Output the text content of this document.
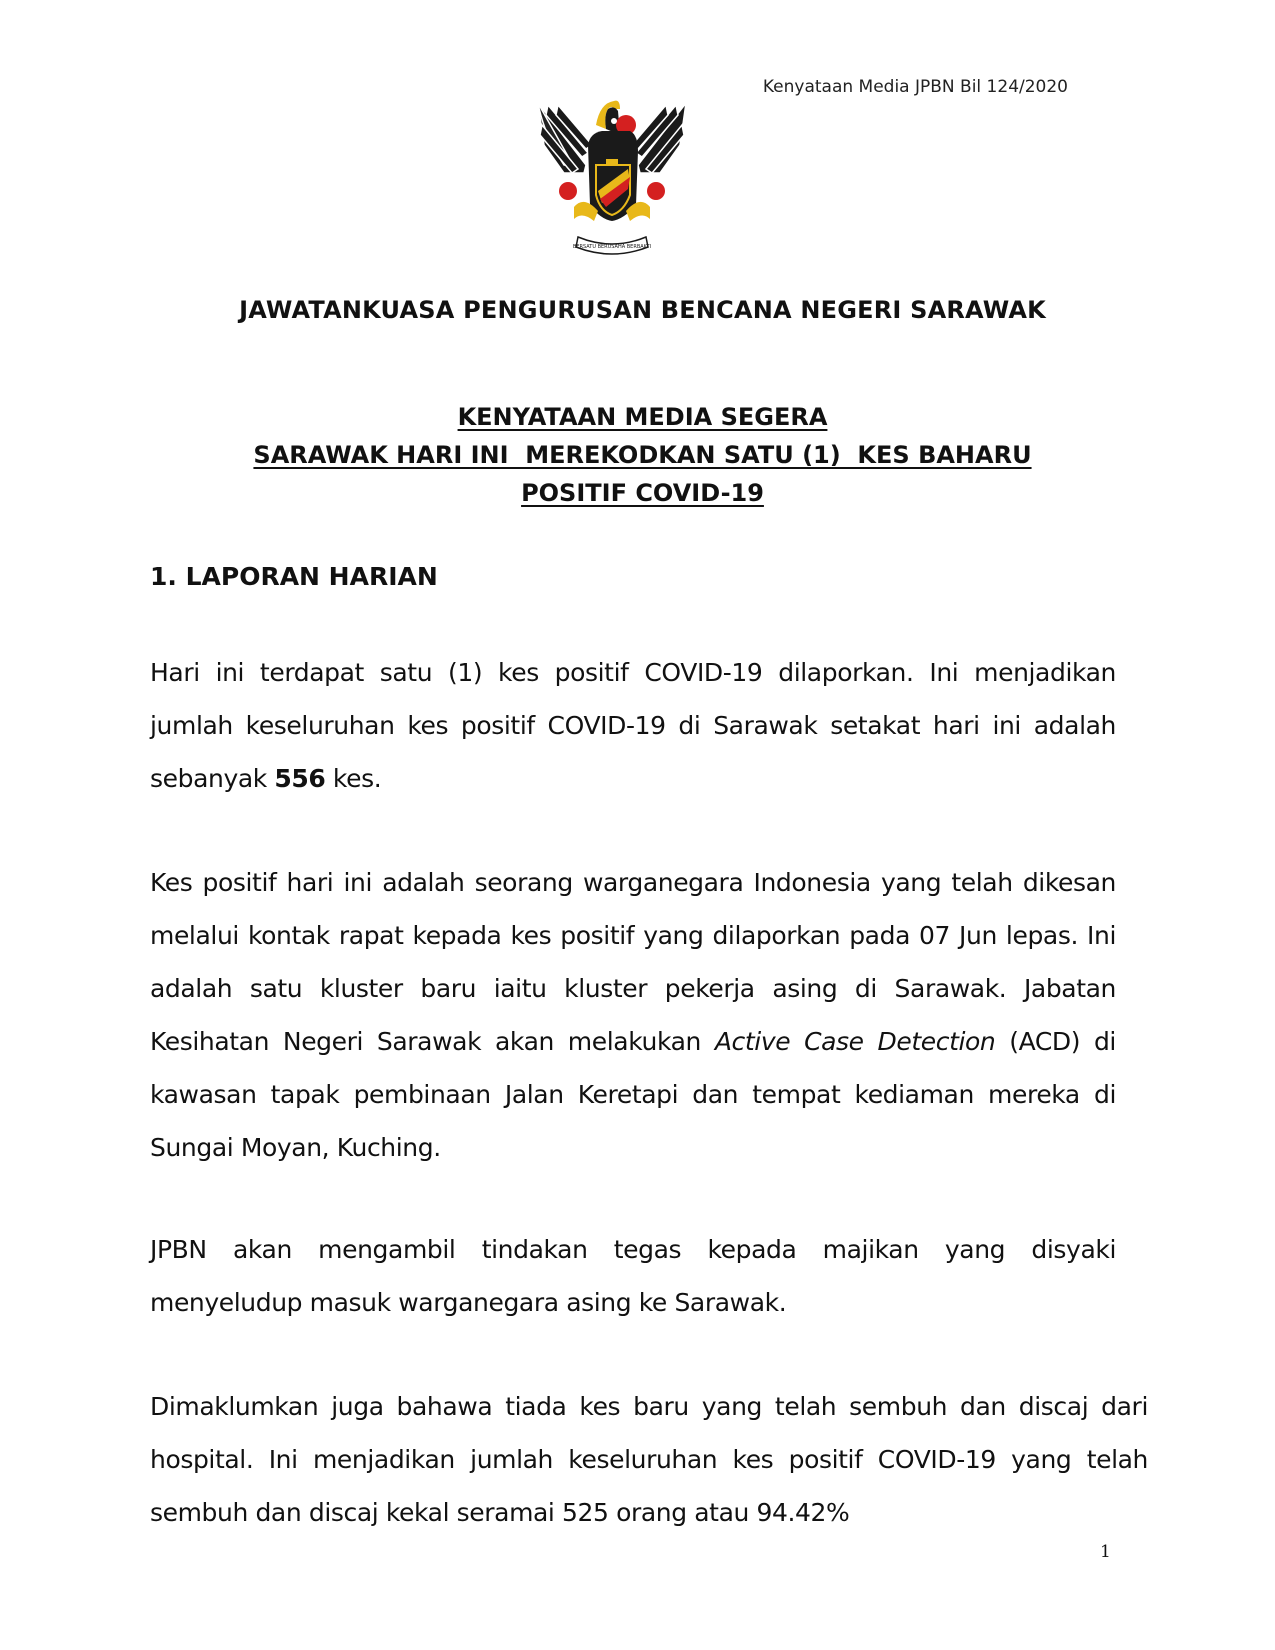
Kenyataan Media JPBN Bil 124/2020
BERSATU BERUSAHA BERBAKTI
JAWATANKUASA PENGURUSAN BENCANA NEGERI SARAWAK
KENYATAAN MEDIA SEGERA
SARAWAK HARI INI  MEREKODKAN SATU (1)  KES BAHARU
POSITIF COVID-19
1. LAPORAN HARIAN
Hari ini terdapat satu (1) kes positif COVID-19 dilaporkan. Ini menjadikan jumlah keseluruhan kes positif COVID-19 di Sarawak setakat hari ini adalah sebanyak 556 kes.
Kes positif hari ini adalah seorang warganegara Indonesia yang telah dikesan melalui kontak rapat kepada kes positif yang dilaporkan pada 07 Jun lepas. Ini adalah satu kluster baru iaitu kluster pekerja asing di Sarawak. Jabatan Kesihatan Negeri Sarawak akan melakukan Active Case Detection (ACD) di kawasan tapak pembinaan Jalan Keretapi dan tempat kediaman mereka di Sungai Moyan, Kuching.
JPBN akan mengambil tindakan tegas kepada majikan yang disyaki menyeludup masuk warganegara asing ke Sarawak.
Dimaklumkan juga bahawa tiada kes baru yang telah sembuh dan discaj dari hospital. Ini menjadikan jumlah keseluruhan kes positif COVID-19 yang telah sembuh dan discaj kekal seramai 525 orang atau 94.42%
1
